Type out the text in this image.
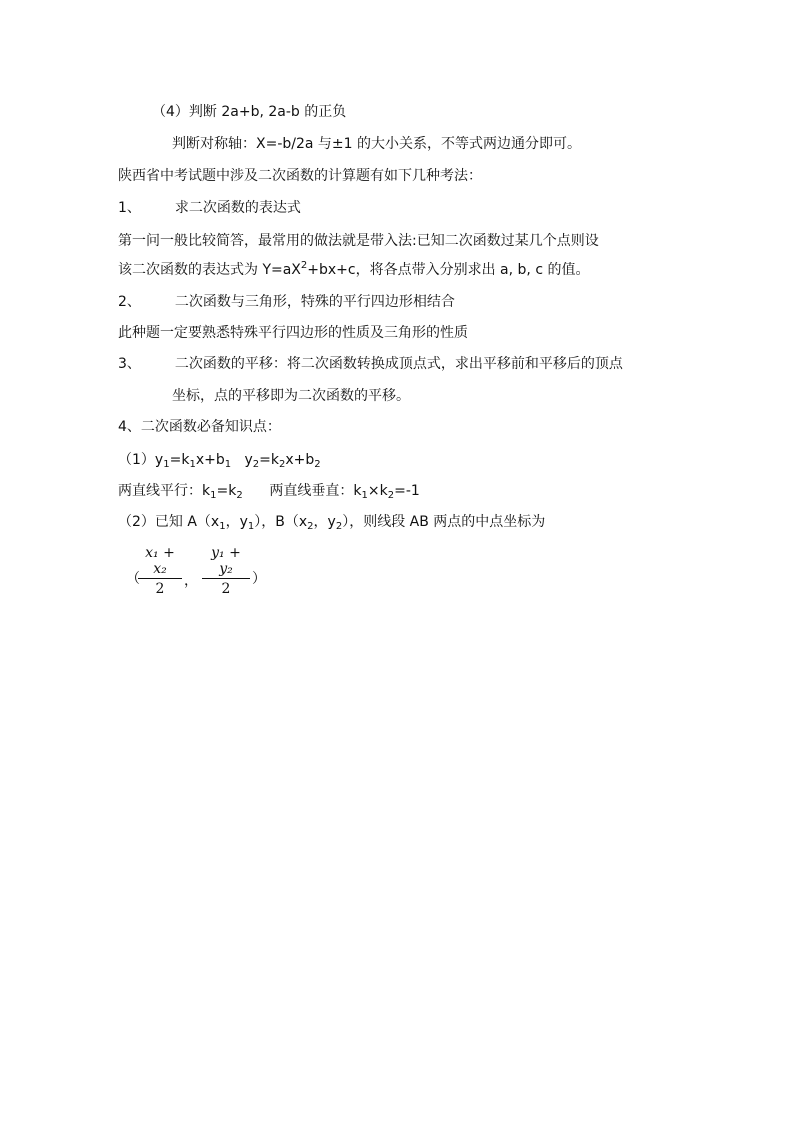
（4）判断 2a+b, 2a-b 的正负
判断对称轴：X=-b/2a 与±1 的大小关系，不等式两边通分即可。
陕西省中考试题中涉及二次函数的计算题有如下几种考法：
1、 求二次函数的表达式
第一问一般比较简答，最常用的做法就是带入法:已知二次函数过某几个点则设
该二次函数的表达式为 $Y=aX^2+bx+c$，将各点带入分别求出 a, b, c 的值。
2、 二次函数与三角形，特殊的平行四边形相结合
此种题一定要熟悉特殊平行四边形的性质及三角形的性质
3、 二次函数的平移：将二次函数转换成顶点式，求出平移前和平移后的顶点
坐标，点的平移即为二次函数的平移。
4、二次函数必备知识点：
$(1)y_1=k_1x+b_1$ $y_2=k_2x+b_2$
两直线平行：$k_1=k_2$      两直线垂直：$k_1\times k_2=-1$
（2）已知 $A(x_1$，$y_1$），$B(x_2$，$y_2$），则线段 AB 两点的中点坐标为
（
$\frac{\text{x₁ + x₂}}{2}$ ， $\frac{\text{y₁ + y₂}}{2}$ ）
